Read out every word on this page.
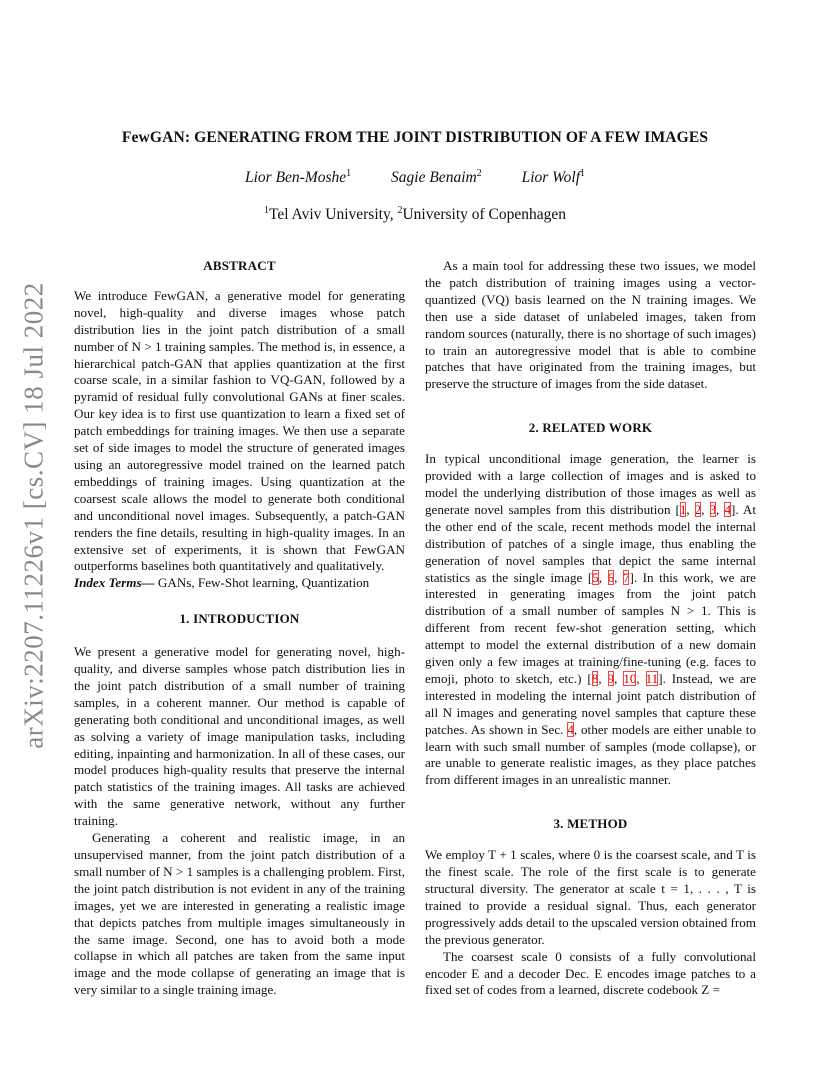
arXiv:2207.11226v1 [cs.CV] 18 Jul 2022
FewGAN: GENERATING FROM THE JOINT DISTRIBUTION OF A FEW IMAGES
Lior Ben-Moshe$^1$	Sagie Benaim$^2$	Lior Wolf$^1$
$^1$Tel Aviv University, $^2$University of Copenhagen
ABSTRACT

We introduce FewGAN, a generative model for generating novel, high-quality and diverse images whose patch distribution lies in the joint patch distribution of a small number of N > 1 training samples. The method is, in essence, a hierarchical patch-GAN that applies quantization at the first coarse scale, in a similar fashion to VQ-GAN, followed by a pyramid of residual fully convolutional GANs at finer scales. Our key idea is to first use quantization to learn a fixed set of patch embeddings for training images. We then use a separate set of side images to model the structure of generated images using an autoregressive model trained on the learned patch embeddings of training images. Using quantization at the coarsest scale allows the model to generate both conditional and unconditional novel images. Subsequently, a patch-GAN renders the fine details, resulting in high-quality images. In an extensive set of experiments, it is shown that FewGAN outperforms baselines both quantitatively and qualitatively.

Index Terms— GANs, Few-Shot learning, Quantization

1. INTRODUCTION

We present a generative model for generating novel, high-quality, and diverse samples whose patch distribution lies in the joint patch distribution of a small number of training samples, in a coherent manner. Our method is capable of generating both conditional and unconditional images, as well as solving a variety of image manipulation tasks, including editing, inpainting and harmonization. In all of these cases, our model produces high-quality results that preserve the internal patch statistics of the training images. All tasks are achieved with the same generative network, without any further training.

Generating a coherent and realistic image, in an unsupervised manner, from the joint patch distribution of a small number of N > 1 samples is a challenging problem. First, the joint patch distribution is not evident in any of the training images, yet we are interested in generating a realistic image that depicts patches from multiple images simultaneously in the same image. Second, one has to avoid both a mode collapse in which all patches are taken from the same input image and the mode collapse of generating an image that is very similar to a single training image.

As a main tool for addressing these two issues, we model the patch distribution of training images using a vector-quantized (VQ) basis learned on the N training images. We then use a side dataset of unlabeled images, taken from random sources (naturally, there is no shortage of such images) to train an autoregressive model that is able to combine patches that have originated from the training images, but preserve the structure of images from the side dataset.

2. RELATED WORK

In typical unconditional image generation, the learner is provided with a large collection of images and is asked to model the underlying distribution of those images as well as generate novel samples from this distribution [1, 2, 3, 4]. At the other end of the scale, recent methods model the internal distribution of patches of a single image, thus enabling the generation of novel samples that depict the same internal statistics as the single image [5, 6, 7]. In this work, we are interested in generating images from the joint patch distribution of a small number of samples N > 1. This is different from recent few-shot generation setting, which attempt to model the external distribution of a new domain given only a few images at training/fine-tuning (e.g. faces to emoji, photo to sketch, etc.) [8, 9, 10, 11]. Instead, we are interested in modeling the internal joint patch distribution of all N images and generating novel samples that capture these patches. As shown in Sec. 4, other models are either unable to learn with such small number of samples (mode collapse), or are unable to generate realistic images, as they place patches from different images in an unrealistic manner.

3. METHOD

We employ T + 1 scales, where 0 is the coarsest scale, and T is the finest scale. The role of the first scale is to generate structural diversity. The generator at scale t = 1, . . . , T is trained to provide a residual signal. Thus, each generator progressively adds detail to the upscaled version obtained from the previous generator.

The coarsest scale 0 consists of a fully convolutional encoder E and a decoder Dec. E encodes image patches to a fixed set of codes from a learned, discrete codebook Z =
